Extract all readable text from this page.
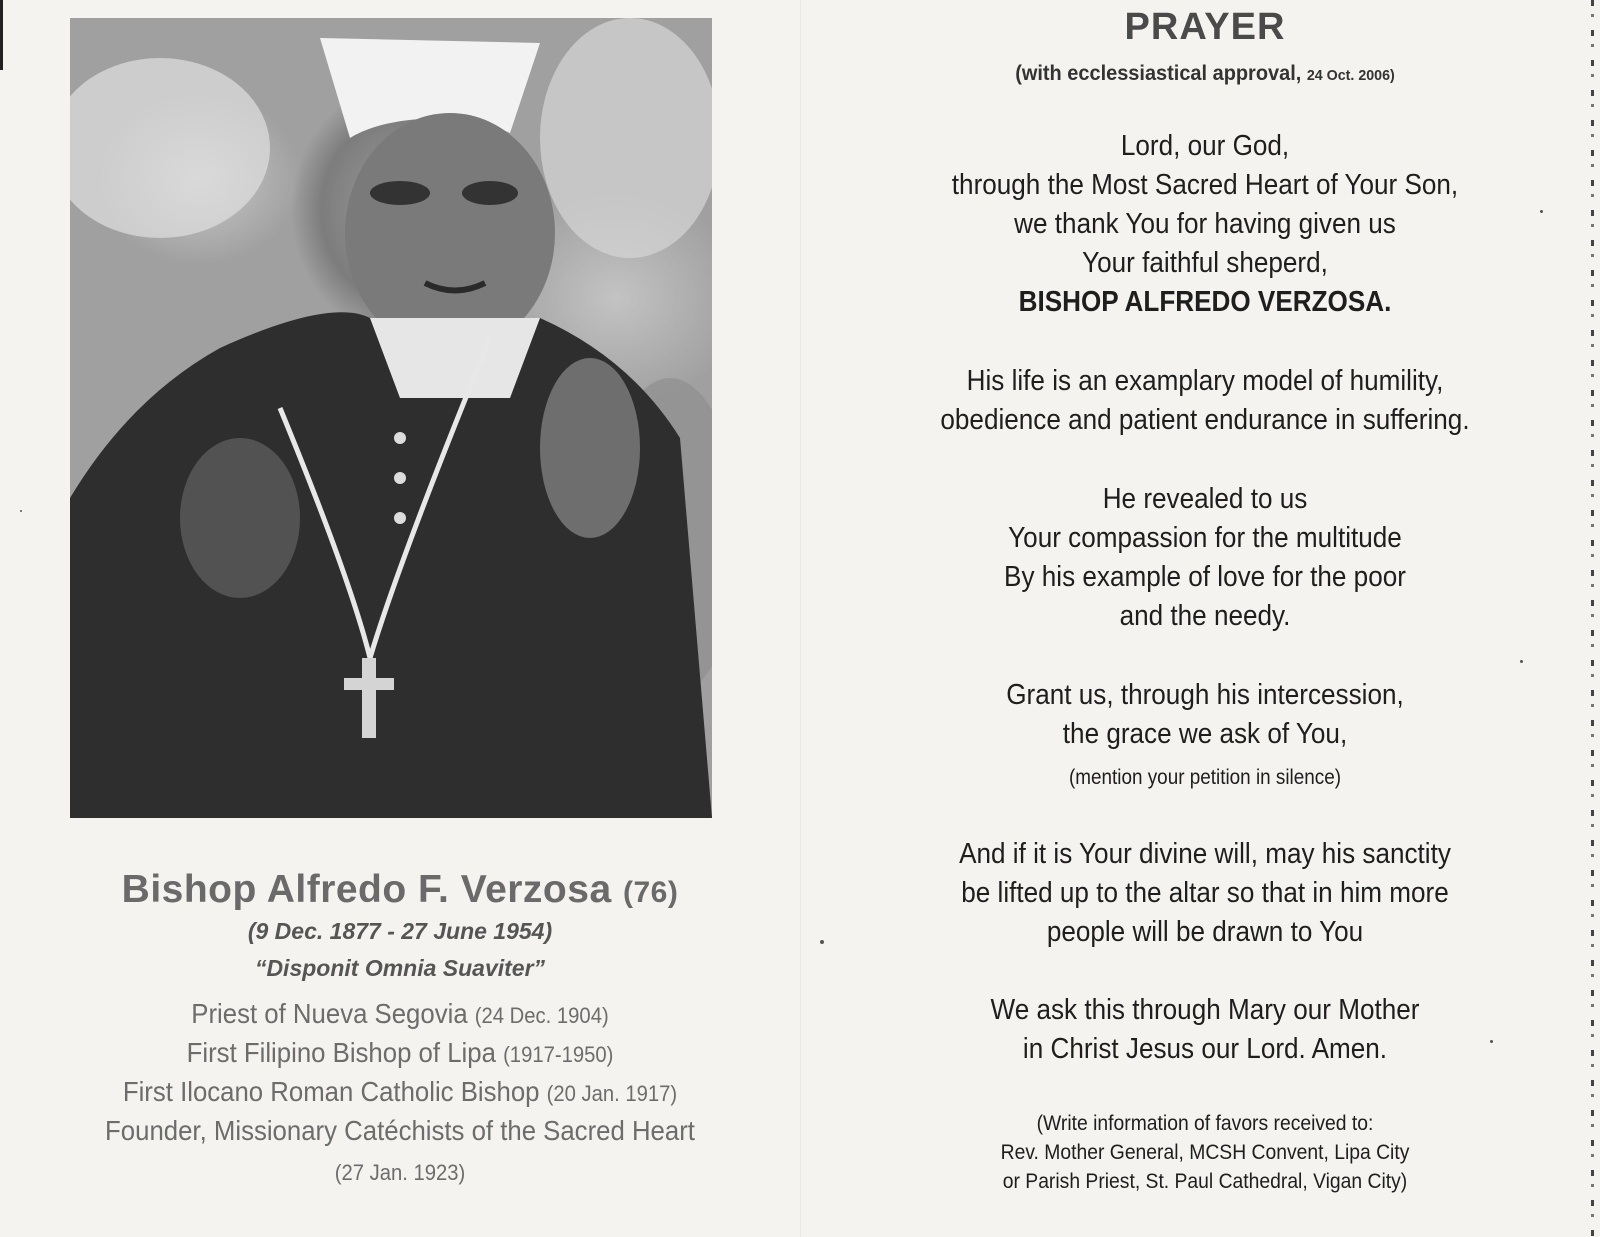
Bishop Alfredo F. Verzosa (76)
(9 Dec. 1877 - 27 June 1954)
“Disponit Omnia Suaviter”
Priest of Nueva Segovia (24 Dec. 1904)
First Filipino Bishop of Lipa (1917-1950)
First Ilocano Roman Catholic Bishop (20 Jan. 1917)
Founder, Missionary Catéchists of the Sacred Heart
(27 Jan. 1923)
PRAYER
(with ecclessiastical approval, 24 Oct. 2006)
Lord, our God,
through the Most Sacred Heart of Your Son,
we thank You for having given us
Your faithful sheperd,
BISHOP ALFREDO VERZOSA.
His life is an examplary model of humility,
obedience and patient endurance in suffering.
He revealed to us
Your compassion for the multitude
By his example of love for the poor
and the needy.
Grant us, through his intercession,
the grace we ask of You,
(mention your petition in silence)
And if it is Your divine will, may his sanctity
be lifted up to the altar so that in him more
people will be drawn to You
We ask this through Mary our Mother
in Christ Jesus our Lord. Amen.
(Write information of favors received to:
Rev. Mother General, MCSH Convent, Lipa City
or Parish Priest, St. Paul Cathedral, Vigan City)
